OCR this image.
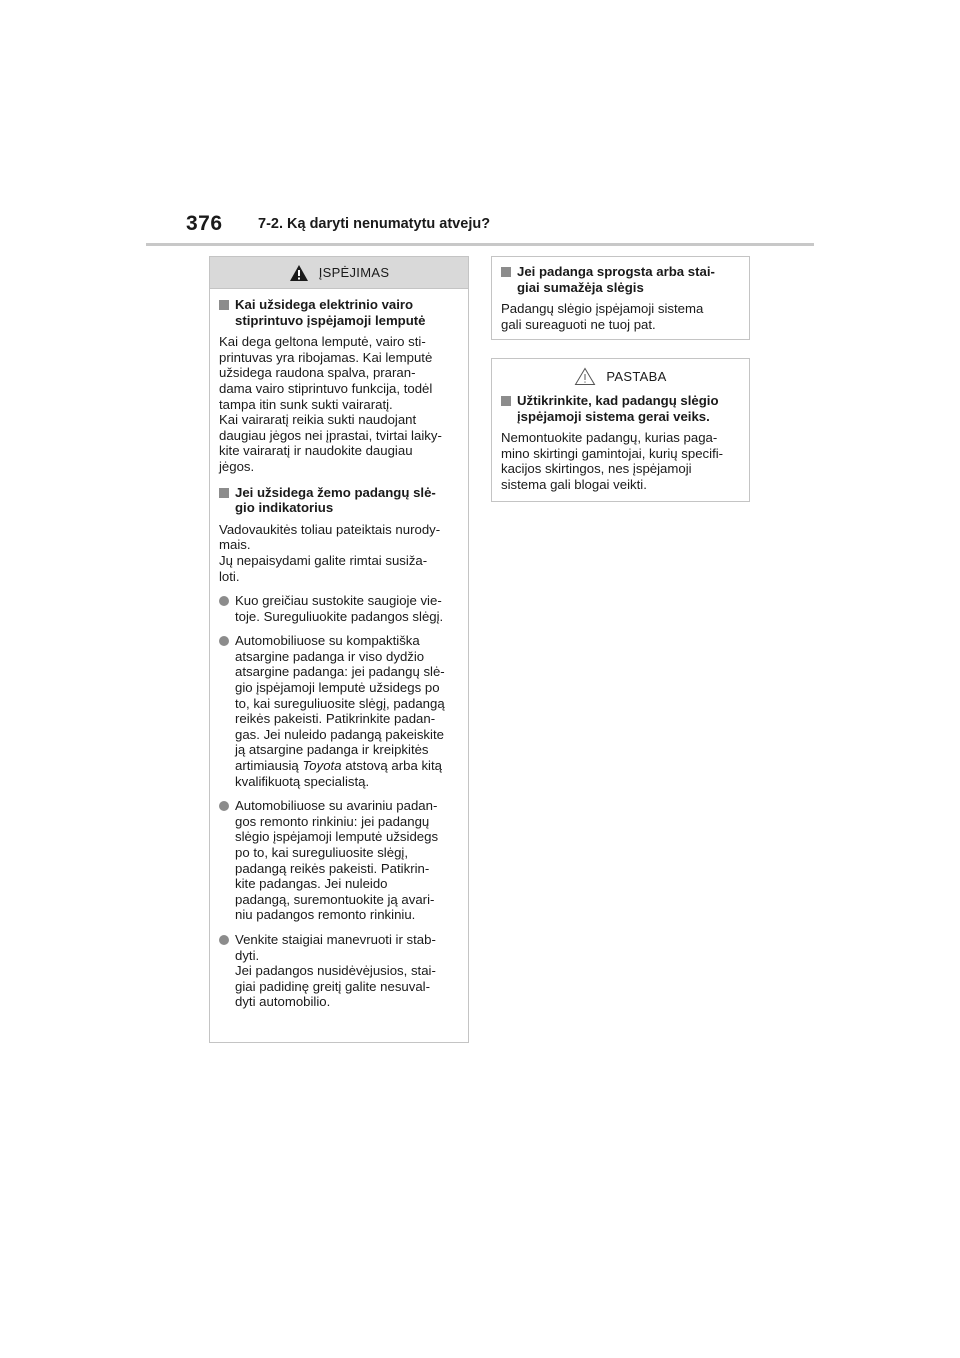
376 7-2. Ką daryti nenumatytu atveju?
ĮSPĖJIMAS
Kai užsidega elektrinio vairo
stiprintuvo įspėjamoji lemputė
Kai dega geltona lemputė, vairo sti-
printuvas yra ribojamas. Kai lemputė
užsidega raudona spalva, praran-
dama vairo stiprintuvo funkcija, todėl
tampa itin sunk sukti vairaratį.
Kai vairaratį reikia sukti naudojant
daugiau jėgos nei įprastai, tvirtai laiky-
kite vairaratį ir naudokite daugiau
jėgos.
Jei užsidega žemo padangų slė-
gio indikatorius
Vadovaukitės toliau pateiktais nurody-
mais.
Jų nepaisydami galite rimtai susiža-
loti.
Kuo greičiau sustokite saugioje vie-
toje. Sureguliuokite padangos slėgį.
Automobiliuose su kompaktiška
atsargine padanga ir viso dydžio
atsargine padanga: jei padangų slė-
gio įspėjamoji lemputė užsidegs po
to, kai sureguliuosite slėgį, padangą
reikės pakeisti. Patikrinkite padan-
gas. Jei nuleido padangą pakeiskite
ją atsargine padanga ir kreipkitės
artimiausią Toyota atstovą arba kitą
kvalifikuotą specialistą.
Automobiliuose su avariniu padan-
gos remonto rinkiniu: jei padangų
slėgio įspėjamoji lemputė užsidegs
po to, kai sureguliuosite slėgį,
padangą reikės pakeisti. Patikrin-
kite padangas. Jei nuleido
padangą, suremontuokite ją avari-
niu padangos remonto rinkiniu.
Venkite staigiai manevruoti ir stab-
dyti.
Jei padangos nusidėvėjusios, stai-
giai padidinę greitį galite nesuval-
dyti automobilio.
Jei padanga sprogsta arba stai-
giai sumažėja slėgis
Padangų slėgio įspėjamoji sistema
gali sureaguoti ne tuoj pat.
PASTABA
Užtikrinkite, kad padangų slėgio
įspėjamoji sistema gerai veiks.
Nemontuokite padangų, kurias paga-
mino skirtingi gamintojai, kurių specifi-
kacijos skirtingos, nes įspėjamoji
sistema gali blogai veikti.
